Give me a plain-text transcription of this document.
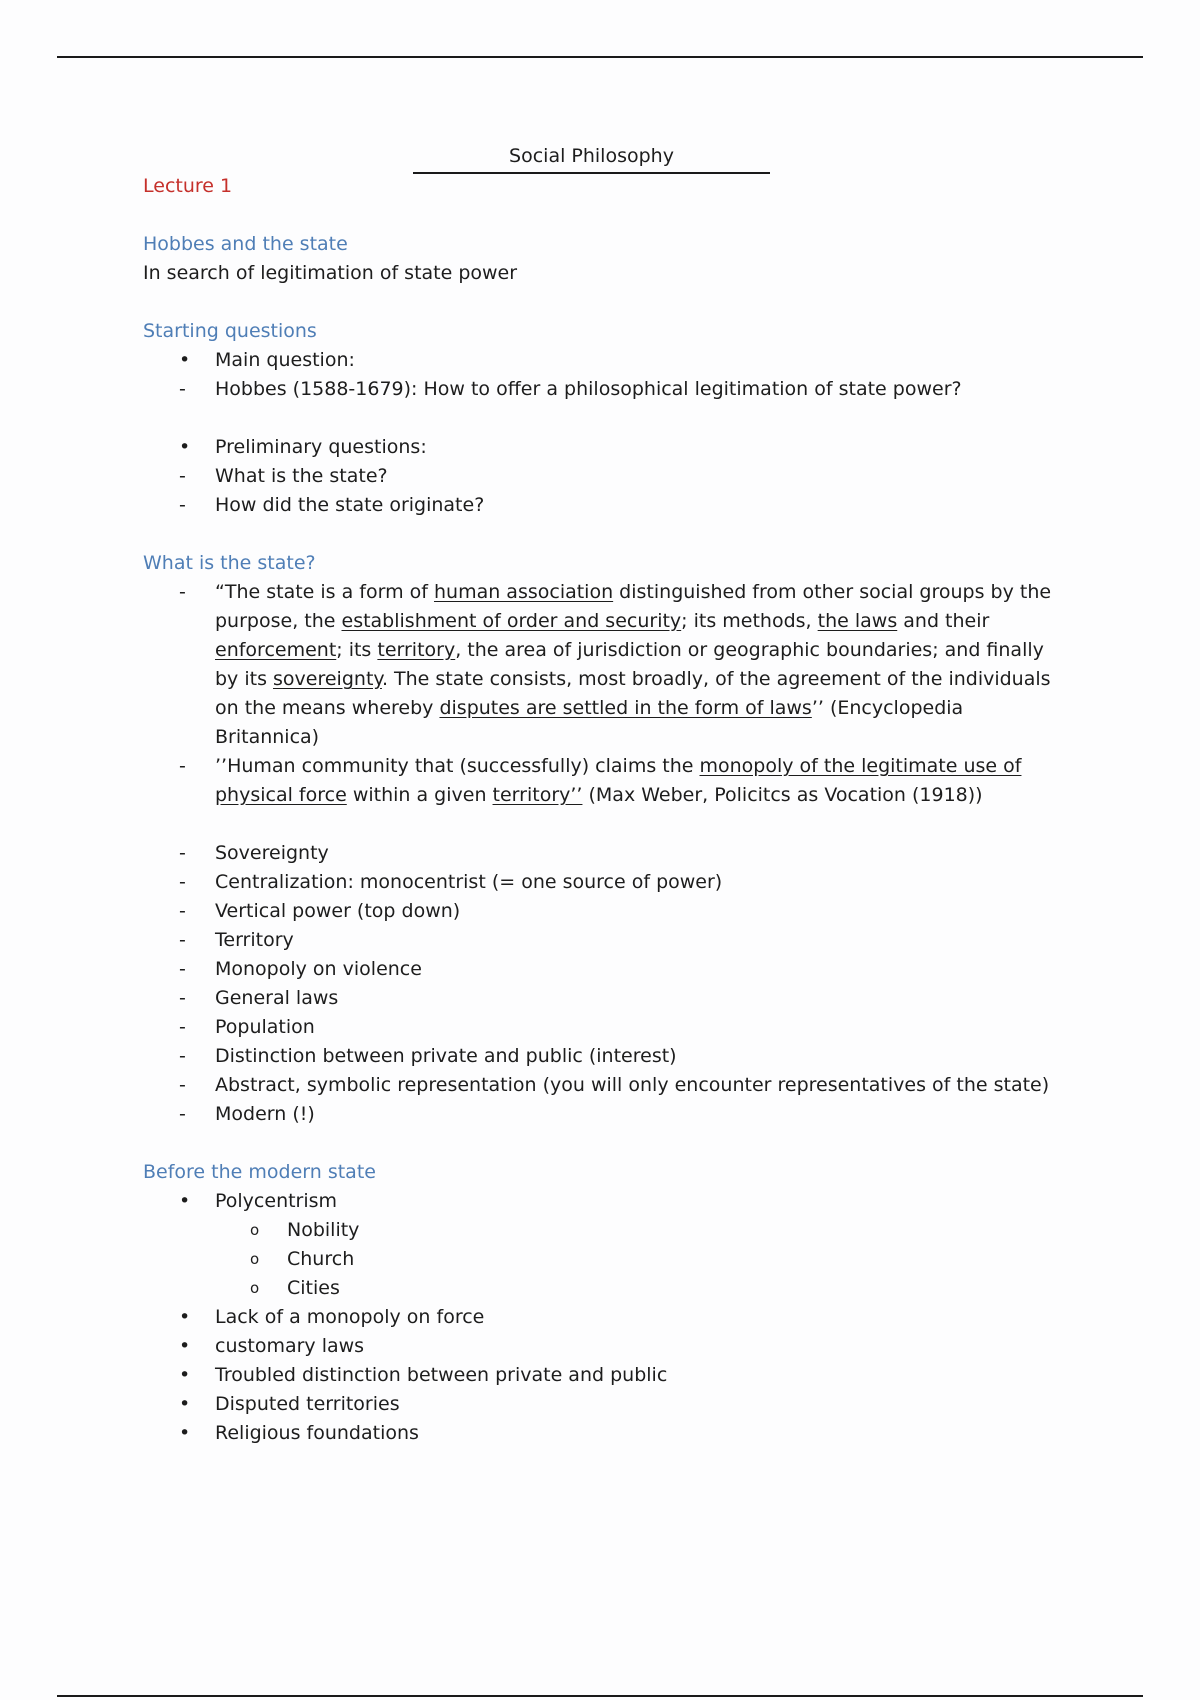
Social Philosophy
Lecture 1
Hobbes and the state

In search of legitimation of state power

Starting questions
• Main question:
- Hobbes (1588-1679): How to offer a philosophical legitimation of state power?
• Preliminary questions:
- What is the state?
- How did the state originate?
What is the state?
- “The state is a form of human association distinguished from other social groups by the purpose, the establishment of order and security; its methods, the laws and their enforcement; its territory, the area of jurisdiction or geographic boundaries; and finally by its sovereignty. The state consists, most broadly, of the agreement of the individuals on the means whereby disputes are settled in the form of laws’’ (Encyclopedia Britannica)
- ’’Human community that (successfully) claims the monopoly of the legitimate use of physical force within a given territory’’ (Max Weber, Policitcs as Vocation (1918))
- Sovereignty
- Centralization: monocentrist (= one source of power)
- Vertical power (top down)
- Territory
- Monopoly on violence
- General laws
- Population
- Distinction between private and public (interest)
- Abstract, symbolic representation (you will only encounter representatives of the state)
- Modern (!)
Before the modern state
• Polycentrism
o Nobility
o Church
o Cities
• Lack of a monopoly on force
• customary laws
• Troubled distinction between private and public
• Disputed territories
• Religious foundations
